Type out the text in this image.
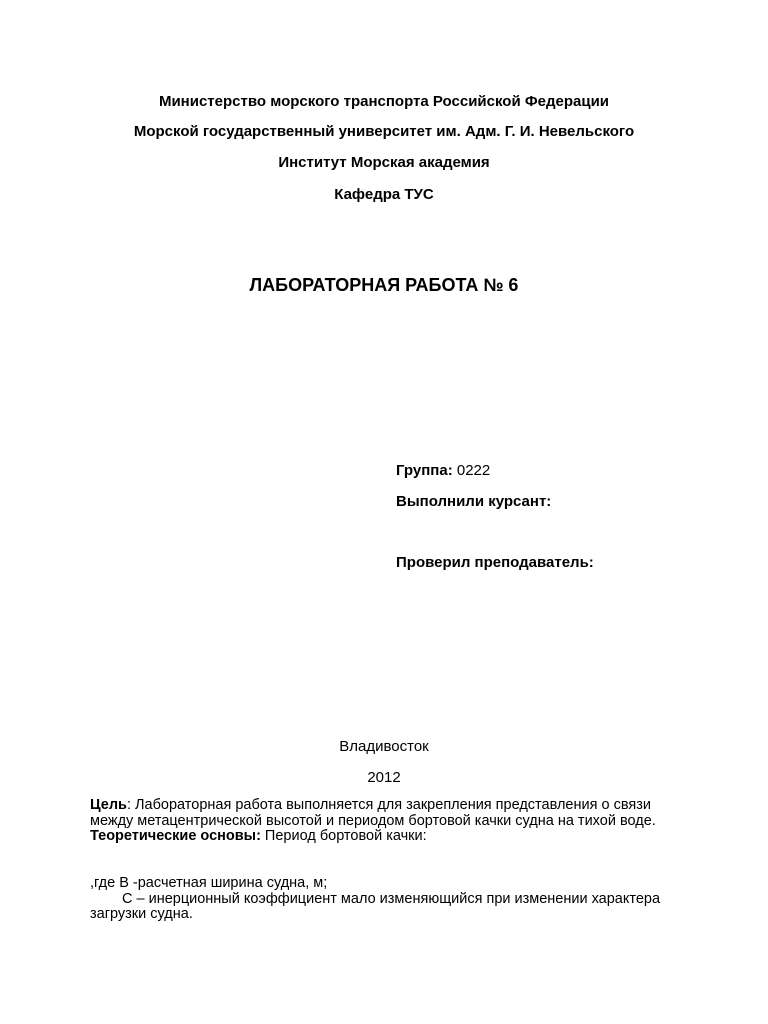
Министерство морского транспорта Российской Федерации
Морской государственный университет им. Адм. Г. И. Невельского
Институт Морская академия
Кафедра ТУС
ЛАБОРАТОРНАЯ РАБОТА № 6
Группа: 0222
Выполнили курсант:
Проверил преподаватель:
Владивосток
2012

Цель: Лабораторная работа выполняется для закрепления представления о связи между метацентрической высотой и периодом бортовой качки судна на тихой воде.

Теоретические основы: Период бортовой качки:

,где B -расчетная ширина судна, м;

C – инерционный коэффициент мало изменяющийся при изменении характера загрузки судна.
